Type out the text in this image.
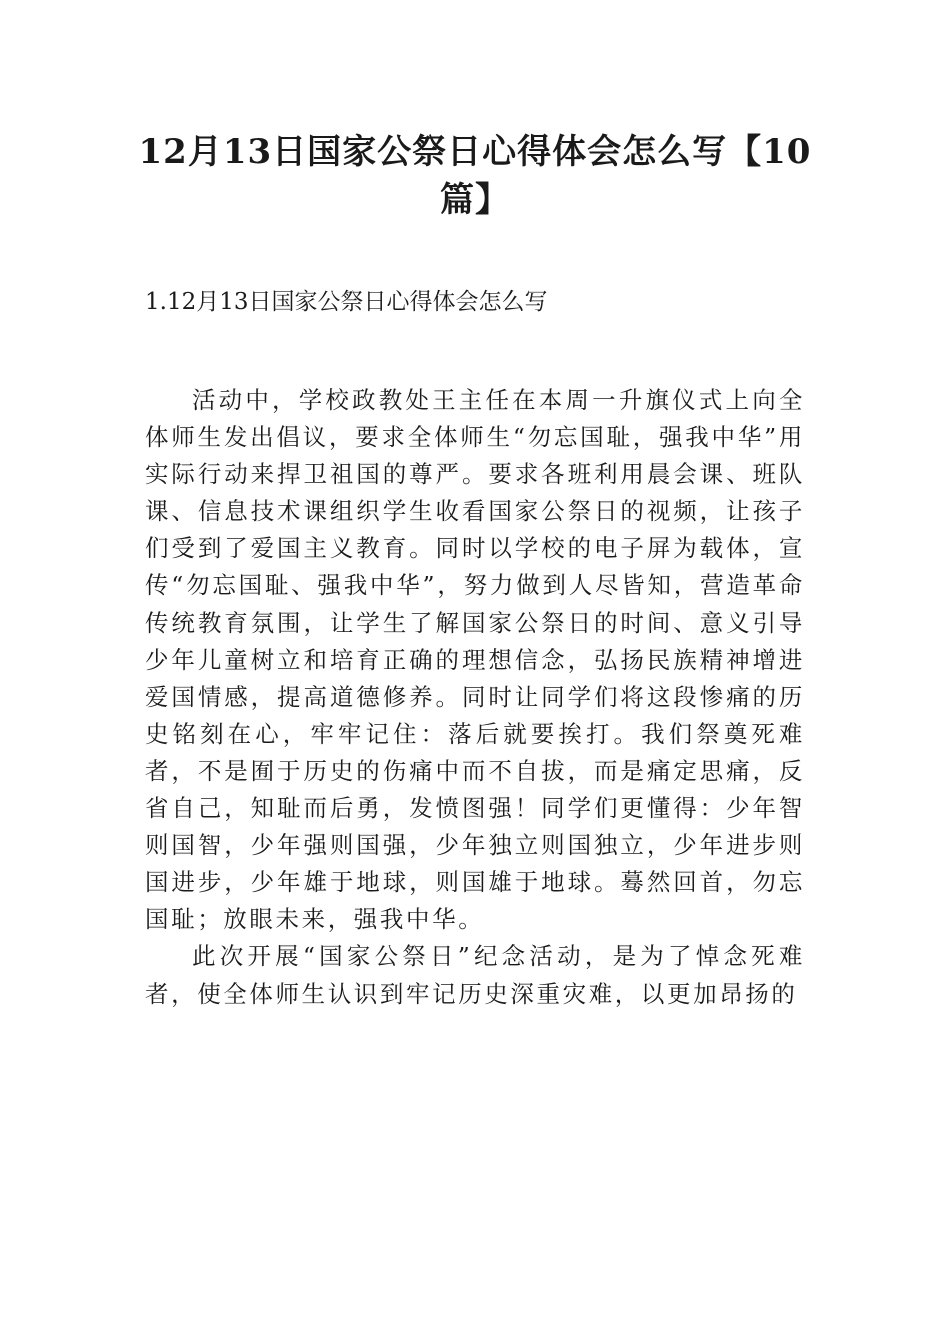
12月13日国家公祭日心得体会怎么写【10篇】

1.12月13日国家公祭日心得体会怎么写

活动中，学校政教处王主任在本周一升旗仪式上向全体师生发出倡议，要求全体师生“勿忘国耻，强我中华”用实际行动来捍卫祖国的尊严。要求各班利用晨会课、班队课、信息技术课组织学生收看国家公祭日的视频，让孩子们受到了爱国主义教育。同时以学校的电子屏为载体，宣传“勿忘国耻、强我中华”，努力做到人尽皆知，营造革命传统教育氛围，让学生了解国家公祭日的时间、意义引导少年儿童树立和培育正确的理想信念，弘扬民族精神增进爱国情感，提高道德修养。同时让同学们将这段惨痛的历史铭刻在心，牢牢记住：落后就要挨打。我们祭奠死难者，不是囿于历史的伤痛中而不自拔，而是痛定思痛，反省自己，知耻而后勇，发愤图强！同学们更懂得：少年智则国智，少年强则国强，少年独立则国独立，少年进步则国进步，少年雄于地球，则国雄于地球。蓦然回首，勿忘国耻；放眼未来，强我中华。

此次开展“国家公祭日”纪念活动，是为了悼念死难者，使全体师生认识到牢记历史深重灾难，以更加昂扬的
